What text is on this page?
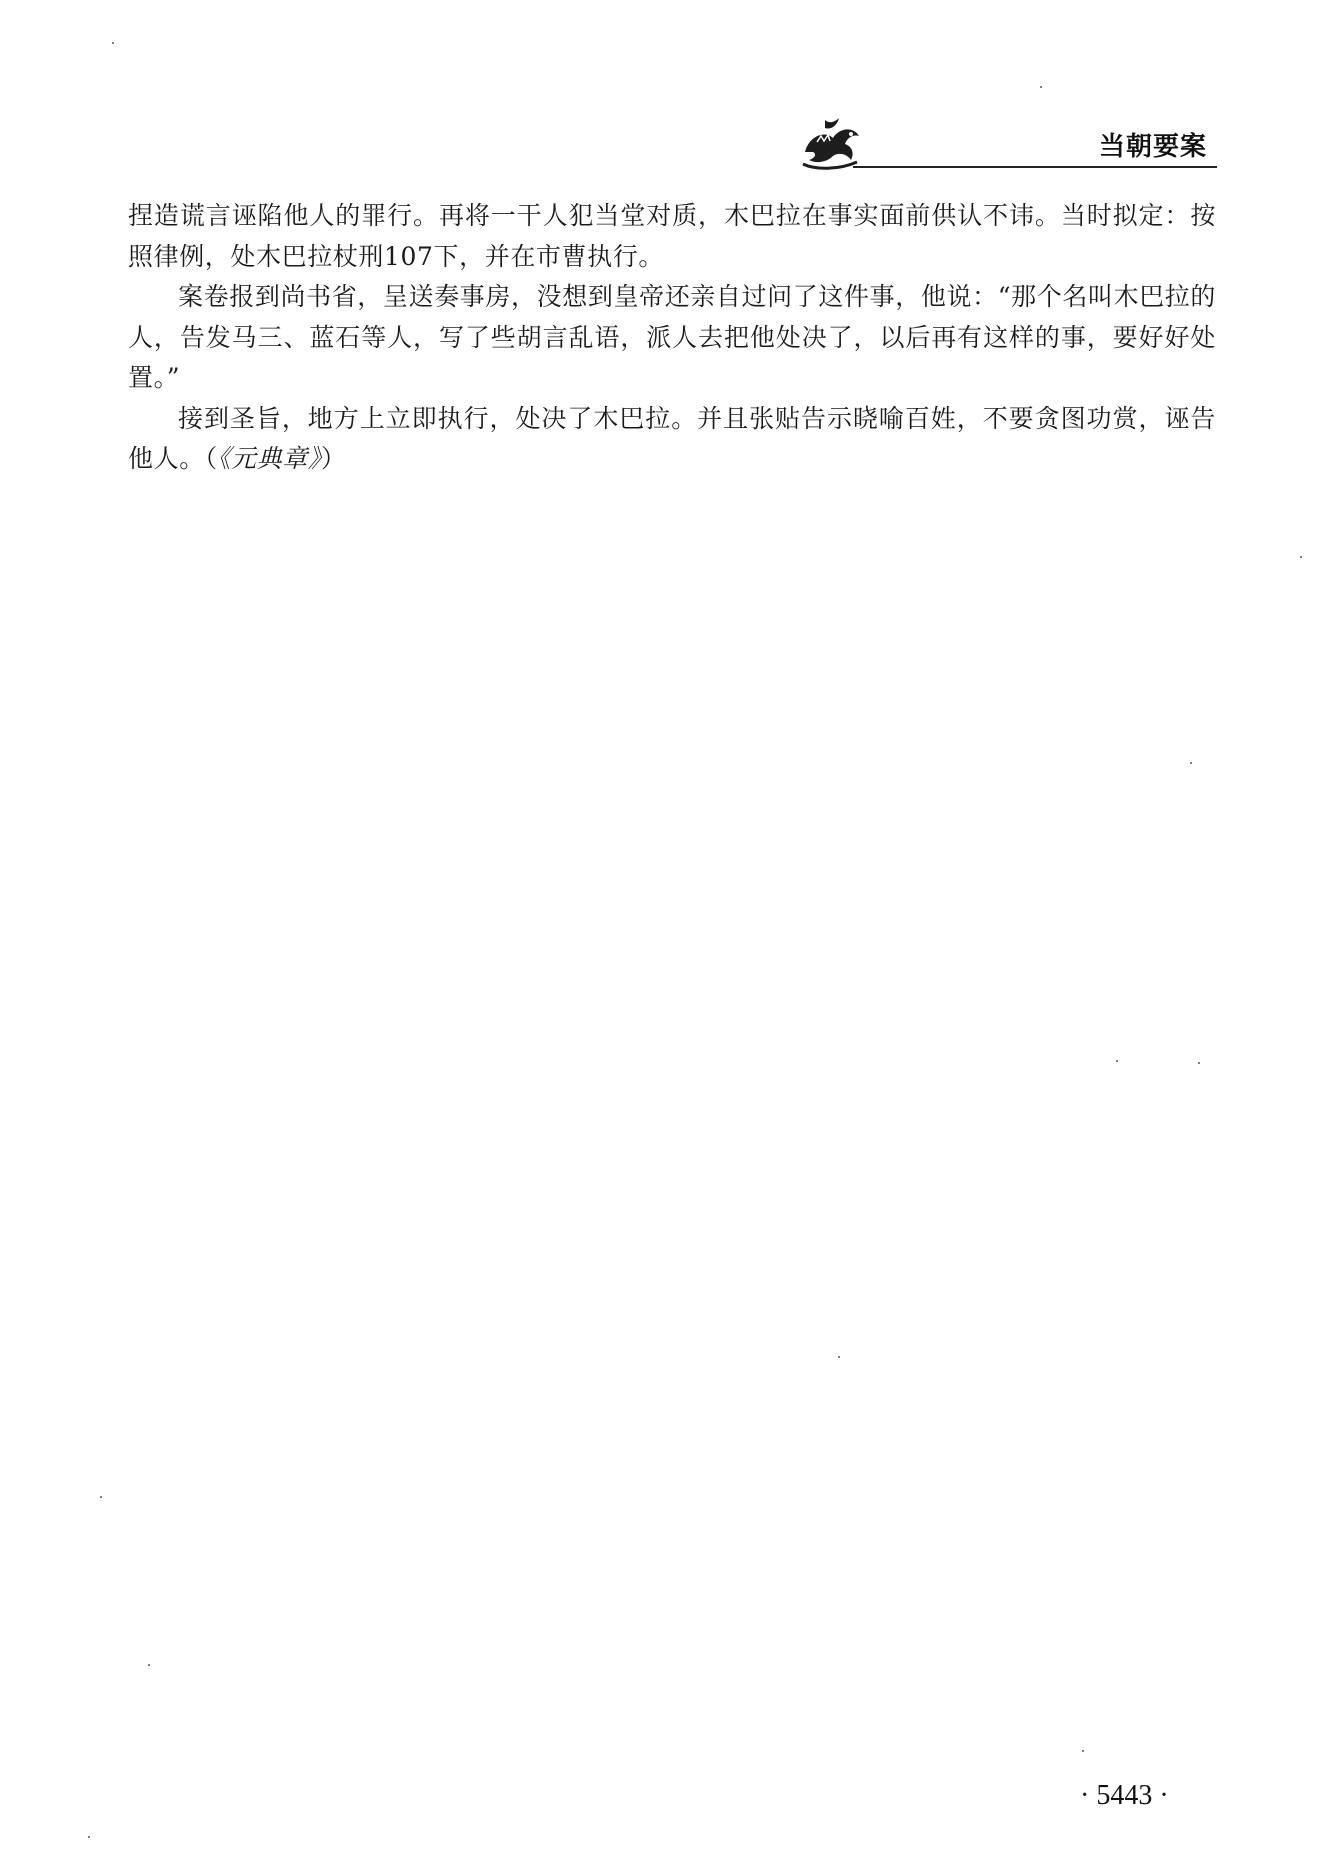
当朝要案

捏造谎言诬陷他人的罪行。再将一干人犯当堂对质，木巴拉在事实面前供认不讳。当时拟定：按照律例，处木巴拉杖刑107下，并在市曹执行。

案卷报到尚书省，呈送奏事房，没想到皇帝还亲自过问了这件事，他说：“那个名叫木巴拉的人，告发马三、蓝石等人，写了些胡言乱语，派人去把他处决了，以后再有这样的事，要好好处置。”

接到圣旨，地方上立即执行，处决了木巴拉。并且张贴告示晓喻百姓，不要贪图功赏，诬告他人。（《元典章》）

· 5443 ·
